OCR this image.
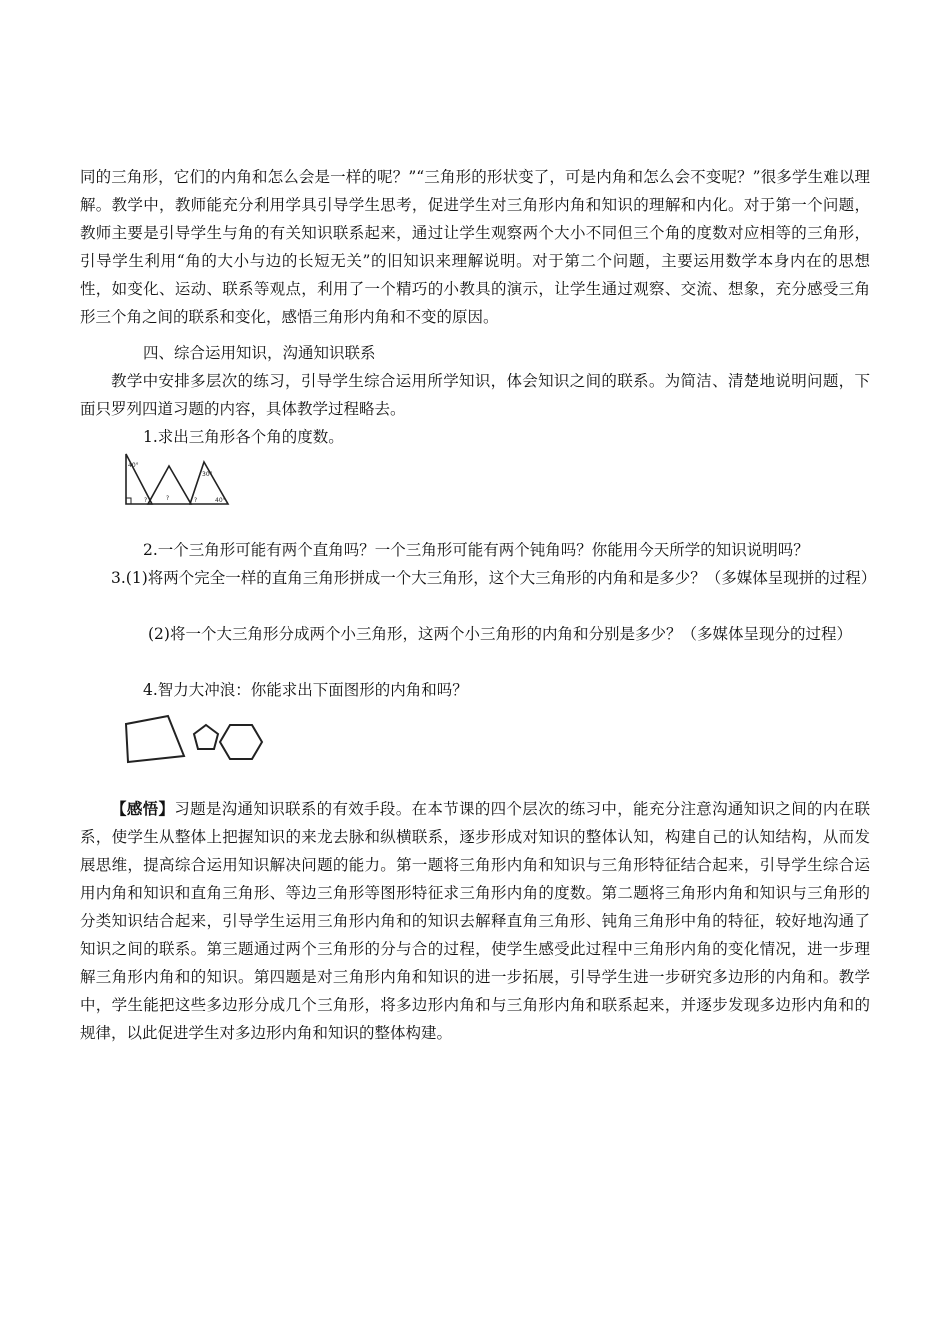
同的三角形，它们的内角和怎么会是一样的呢？”“三角形的形状变了，可是内角和怎么会不变呢？”很多学生难以理解。教学中，教师能充分利用学具引导学生思考，促进学生对三角形内角和知识的理解和内化。对于第一个问题，教师主要是引导学生与角的有关知识联系起来，通过让学生观察两个大小不同但三个角的度数对应相等的三角形，引导学生利用“角的大小与边的长短无关”的旧知识来理解说明。对于第二个问题，主要运用数学本身内在的思想性，如变化、运动、联系等观点，利用了一个精巧的小教具的演示，让学生通过观察、交流、想象，充分感受三角形三个角之间的联系和变化，感悟三角形内角和不变的原因。

四、综合运用知识，沟通知识联系

教学中安排多层次的练习，引导学生综合运用所学知识，体会知识之间的联系。为简洁、清楚地说明问题，下面只罗列四道习题的内容，具体教学过程略去。

1.求出三角形各个角的度数。

40°
?	?
30°
?	40°

2.一个三角形可能有两个直角吗？一个三角形可能有两个钝角吗？你能用今天所学的知识说明吗？

3.(1)将两个完全一样的直角三角形拼成一个大三角形，这个大三角形的内角和是多少？（多媒体呈现拼的过程）

(2)将一个大三角形分成两个小三角形，这两个小三角形的内角和分别是多少？（多媒体呈现分的过程）

4.智力大冲浪：你能求出下面图形的内角和吗？

【感悟】习题是沟通知识联系的有效手段。在本节课的四个层次的练习中，能充分注意沟通知识之间的内在联系，使学生从整体上把握知识的来龙去脉和纵横联系，逐步形成对知识的整体认知，构建自己的认知结构，从而发展思维，提高综合运用知识解决问题的能力。第一题将三角形内角和知识与三角形特征结合起来，引导学生综合运用内角和知识和直角三角形、等边三角形等图形特征求三角形内角的度数。第二题将三角形内角和知识与三角形的分类知识结合起来，引导学生运用三角形内角和的知识去解释直角三角形、钝角三角形中角的特征，较好地沟通了知识之间的联系。第三题通过两个三角形的分与合的过程，使学生感受此过程中三角形内角的变化情况，进一步理解三角形内角和的知识。第四题是对三角形内角和知识的进一步拓展，引导学生进一步研究多边形的内角和。教学中，学生能把这些多边形分成几个三角形，将多边形内角和与三角形内角和联系起来，并逐步发现多边形内角和的规律，以此促进学生对多边形内角和知识的整体构建。
